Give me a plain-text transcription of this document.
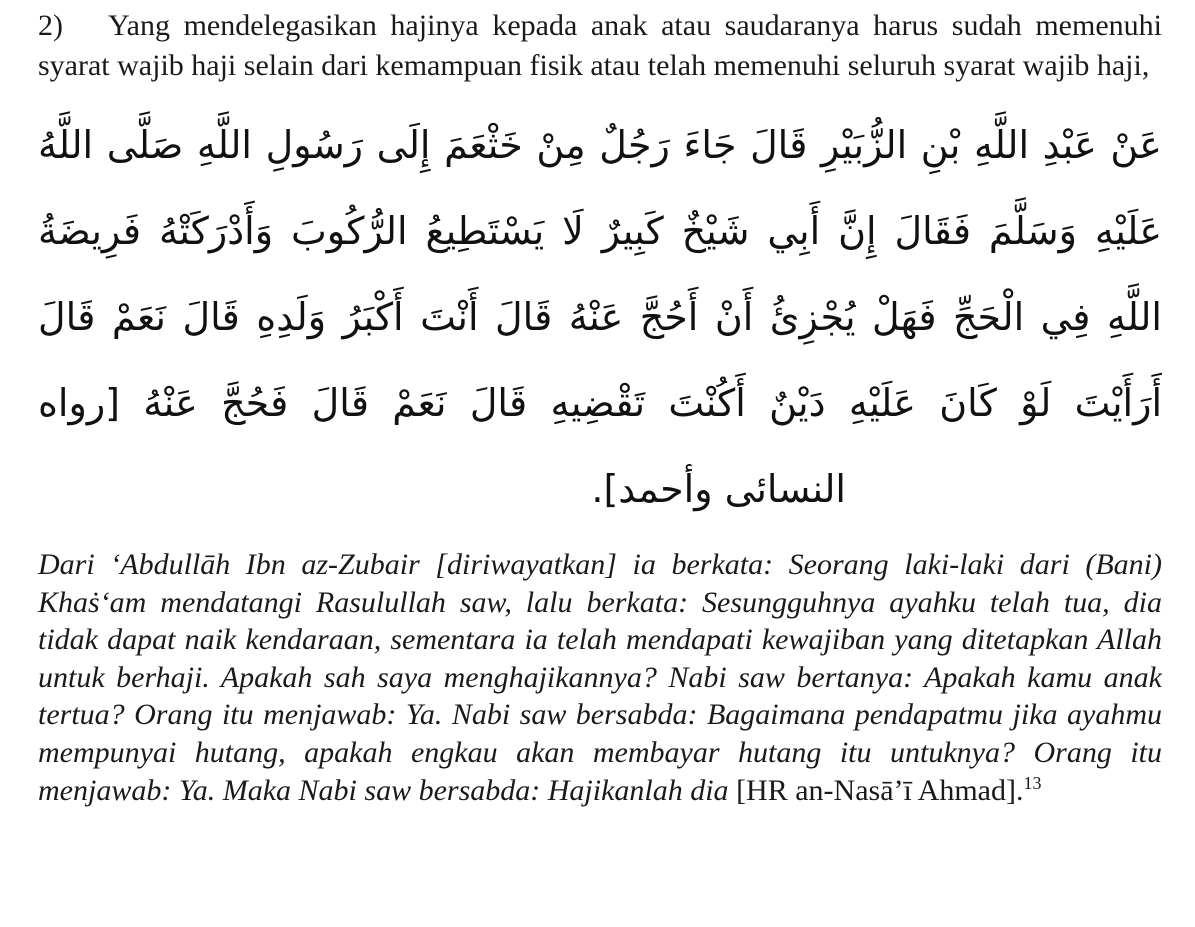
2) Yang mendelegasikan hajinya kepada anak atau saudaranya harus sudah memenuhi syarat wajib haji selain dari kemampuan fisik atau telah memenuhi seluruh syarat wajib haji,

عَنْ عَبْدِ اللَّهِ بْنِ الزُّبَيْرِ قَالَ جَاءَ رَجُلٌ مِنْ خَثْعَمَ إِلَى رَسُولِ اللَّهِ صَلَّى اللَّهُ
عَلَيْهِ وَسَلَّمَ فَقَالَ إِنَّ أَبِي شَيْخٌ كَبِيرٌ لَا يَسْتَطِيعُ الرُّكُوبَ وَأَدْرَكَتْهُ فَرِيضَةُ
اللَّهِ فِي الْحَجِّ فَهَلْ يُجْزِئُ أَنْ أَحُجَّ عَنْهُ قَالَ أَنْتَ أَكْبَرُ وَلَدِهِ قَالَ نَعَمْ قَالَ
أَرَأَيْتَ لَوْ كَانَ عَلَيْهِ دَيْنٌ أَكُنْتَ تَقْضِيهِ قَالَ نَعَمْ قَالَ فَحُجَّ عَنْهُ [رواه
النسائى وأحمد].

Dari ‘Abdullāh Ibn az-Zubair [diriwayatkan] ia berkata: Seorang laki-laki dari (Bani) Khaṡ‘am mendatangi Rasulullah saw, lalu berkata: Sesungguhnya ayahku telah tua, dia tidak dapat naik kendaraan, sementara ia telah mendapati kewajiban yang ditetapkan Allah untuk berhaji. Apakah sah saya menghajikannya? Nabi saw bertanya: Apakah kamu anak tertua? Orang itu menjawab: Ya. Nabi saw bersabda: Bagaimana pendapatmu jika ayahmu mempunyai hutang, apakah engkau akan membayar hutang itu untuknya? Orang itu menjawab: Ya. Maka Nabi saw bersabda: Hajikanlah dia [HR an-Nasā’ī Ahmad].$^{13}$
